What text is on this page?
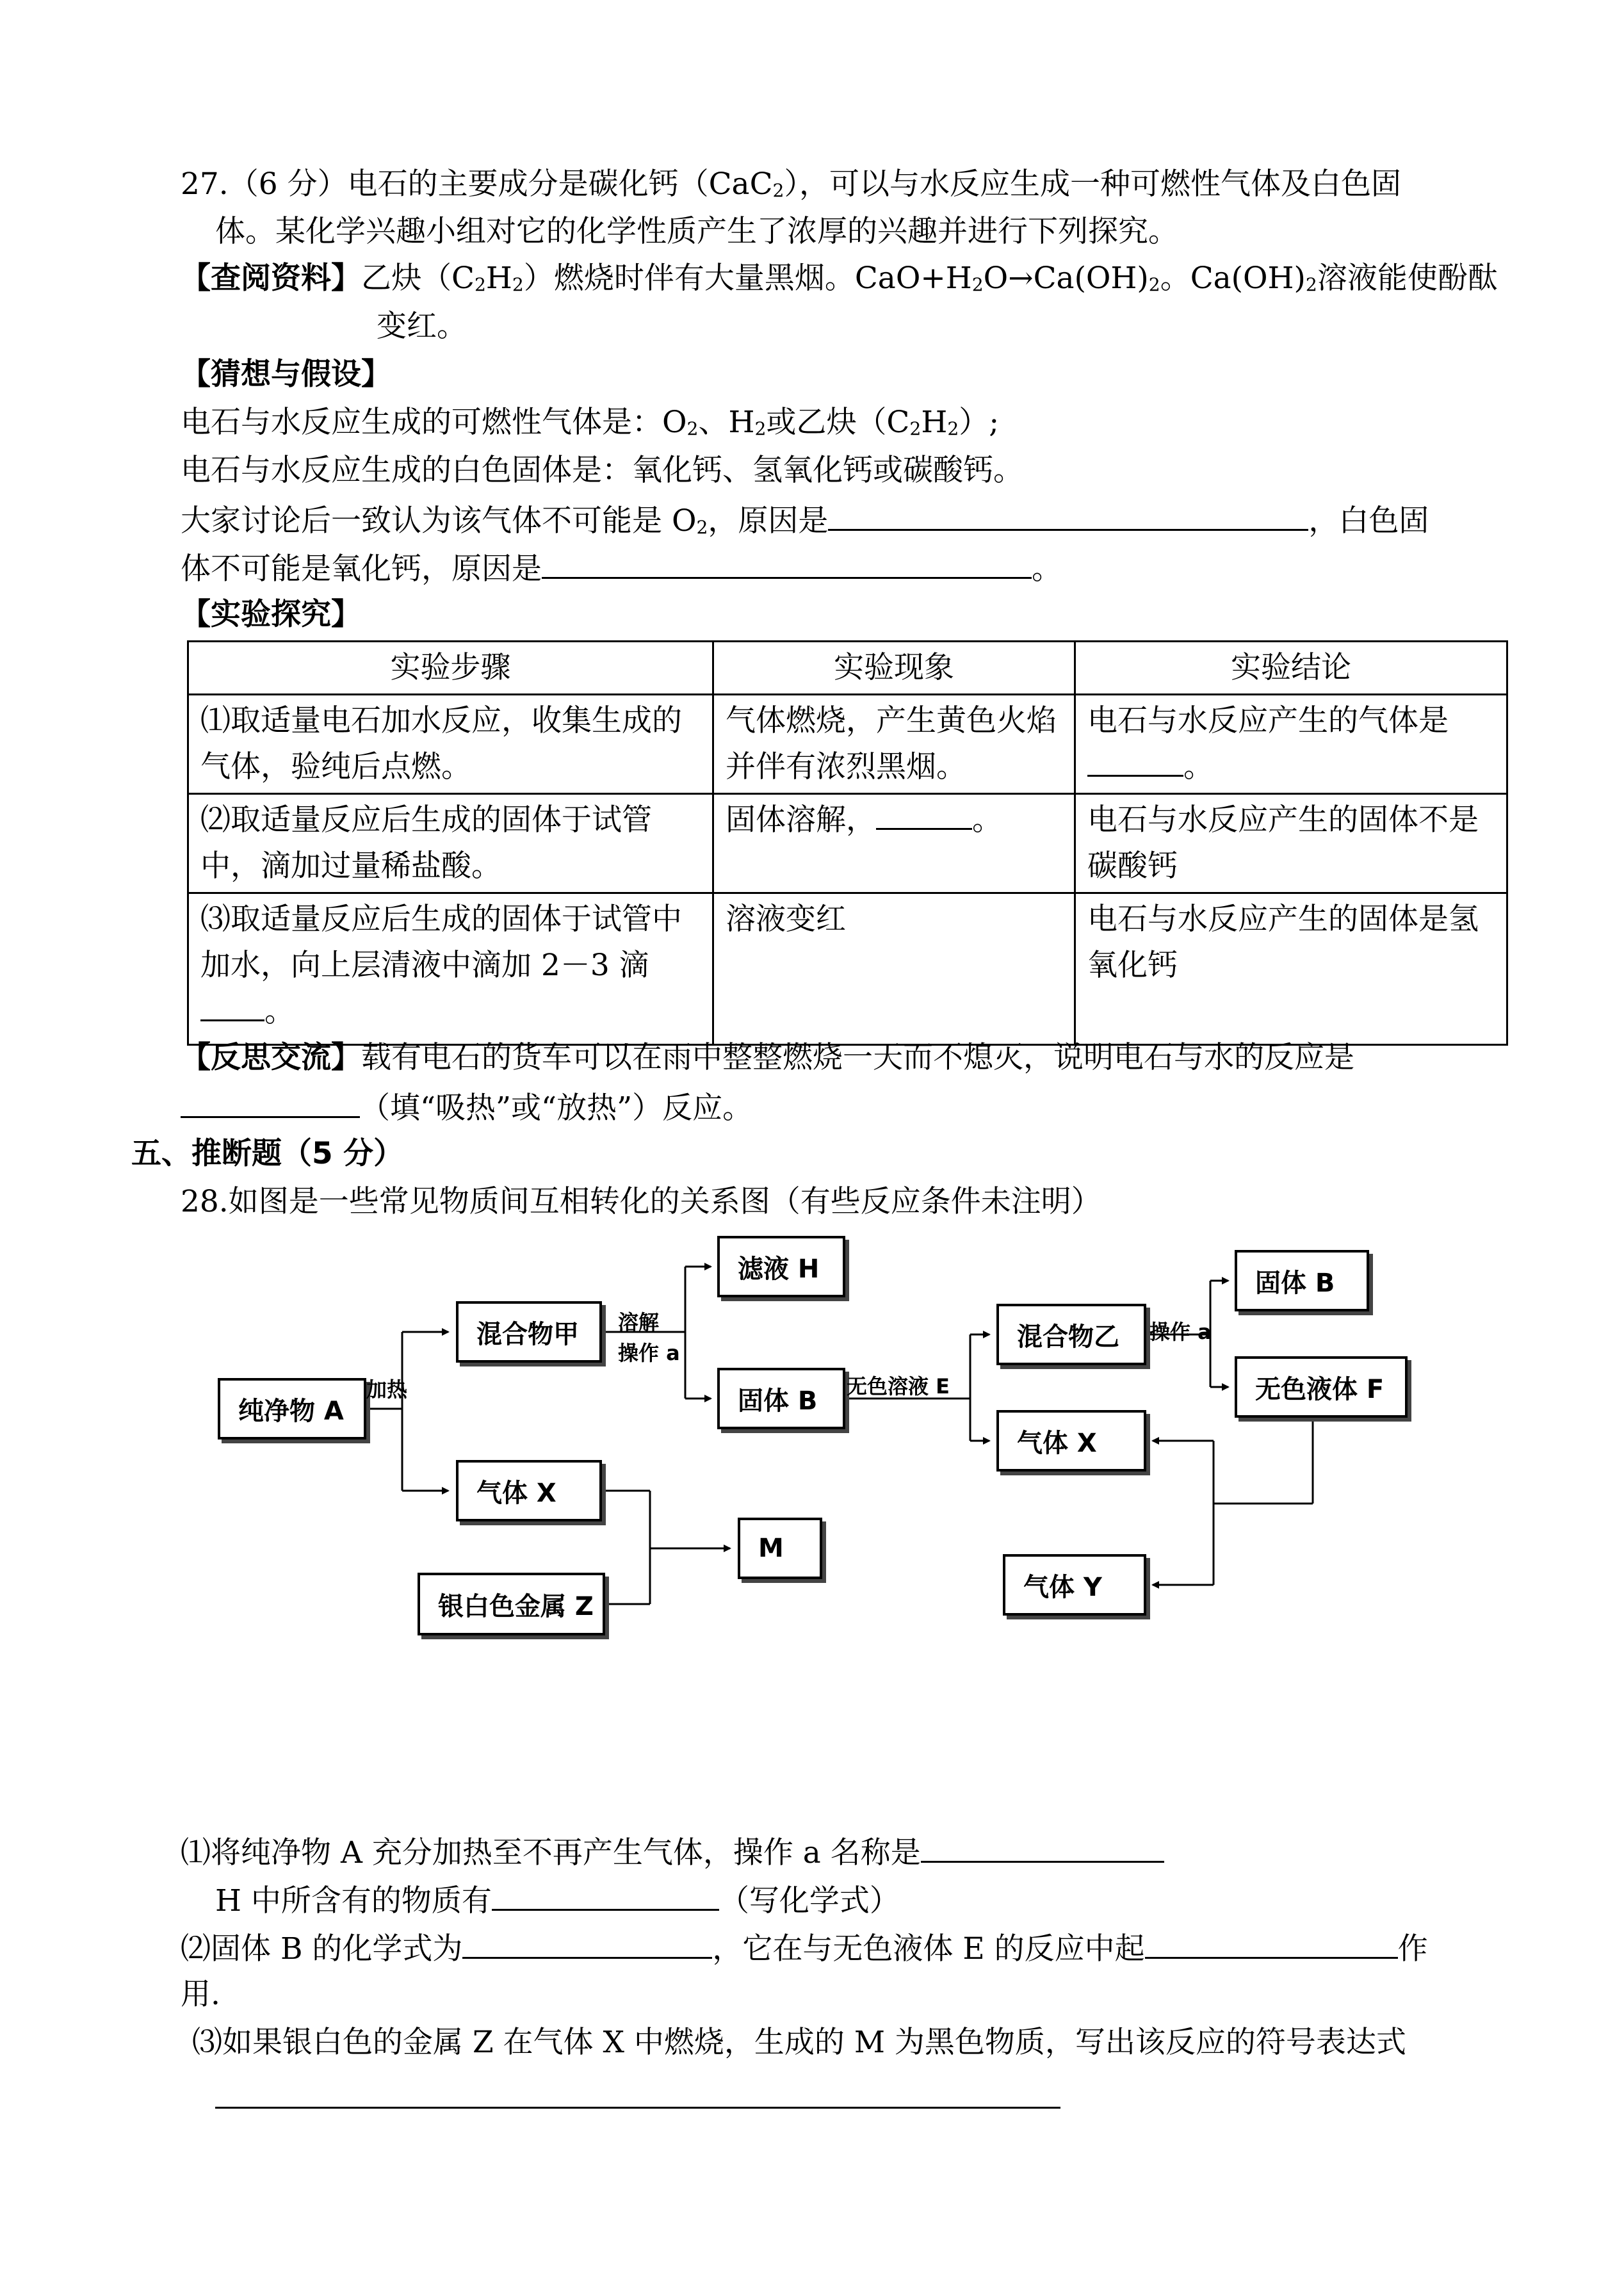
27.（6 分）电石的主要成分是碳化钙（CaC$_2$），可以与水反应生成一种可燃性气体及白色固
体。某化学兴趣小组对它的化学性质产生了浓厚的兴趣并进行下列探究。
【查阅资料】乙炔$(C_2H_2)$燃烧时伴有大量黑烟。$CaO+H_2O\to Ca(OH)_2$。$Ca(OH)_2$溶液能使酚酞
变红。
【猜想与假设】
电石与水反应生成的可燃性气体是：$O_2$、$H_2$或乙炔$(C_2H_2)$;
电石与水反应生成的白色固体是：氧化钙、氢氧化钙或碳酸钙。
大家讨论后一致认为该气体不可能是 $O_2$，原因是	，白色固
体不可能是氧化钙，原因是	。
【实验探究】
实验步骤	实验现象	实验结论
⑴取适量电石加水反应，收集生成的气体，验纯后点燃。	气体燃烧，产生黄色火焰并伴有浓烈黑烟。	电石与水反应产生的气体是。
⑵取适量反应后生成的固体于试管中，滴加过量稀盐酸。	固体溶解， 。	电石与水反应产生的固体不是碳酸钙
⑶取适量反应后生成的固体于试管中加水，向上层清液中滴加 2－3 滴。	溶液变红	电石与水反应产生的固体是氢氧化钙
【反思交流】载有电石的货车可以在雨中整整燃烧一天而不熄灭，说明电石与水的反应是
（填“吸热”或“放热”）反应。
五、推断题（5 分）
28.如图是一些常见物质间互相转化的关系图（有些反应条件未注明）
纯净物 A
混合物甲
滤液 H
固体 B
气体 X
M
银白色金属 Z
混合物乙
气体 X
固体 B
无色液体 F
气体 Y
加热
溶解
操作 a
无色溶液 E
操作 a
⑴将纯净物 A 充分加热至不再产生气体，操作 a 名称是
H 中所含有的物质有	（写化学式）
⑵固体 B 的化学式为	，它在与无色液体 E 的反应中起	作
用.
⑶如果银白色的金属 Z 在气体 X 中燃烧，生成的 M 为黑色物质，写出该反应的符号表达式
